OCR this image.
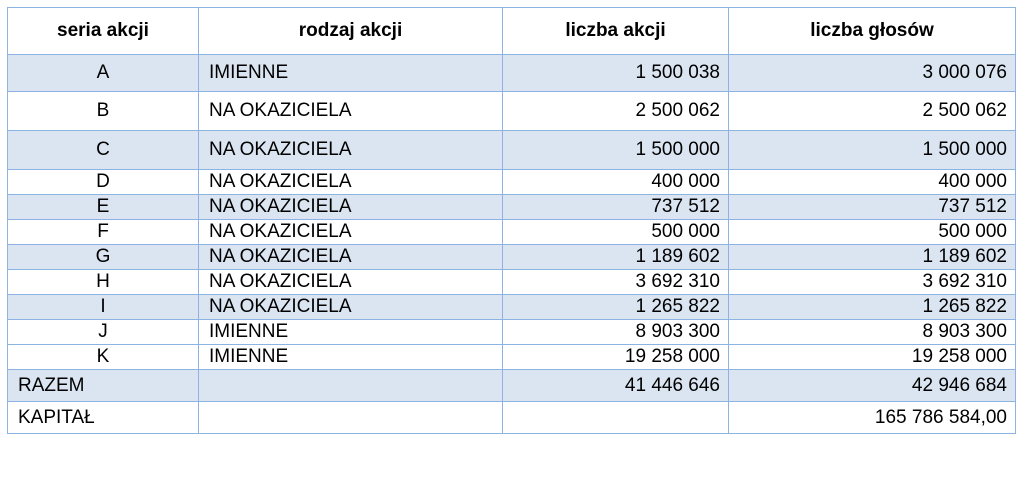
seria akcji	rodzaj akcji	liczba akcji	liczba głosów
A	IMIENNE	1 500 038	3 000 076
B	NA OKAZICIELA	2 500 062	2 500 062
C	NA OKAZICIELA	1 500 000	1 500 000
D	NA OKAZICIELA	400 000	400 000
E	NA OKAZICIELA	737 512	737 512
F	NA OKAZICIELA	500 000	500 000
G	NA OKAZICIELA	1 189 602	1 189 602
H	NA OKAZICIELA	3 692 310	3 692 310
I	NA OKAZICIELA	1 265 822	1 265 822
J	IMIENNE	8 903 300	8 903 300
K	IMIENNE	19 258 000	19 258 000
RAZEM		41 446 646	42 946 684
KAPITAŁ			165 786 584,00
